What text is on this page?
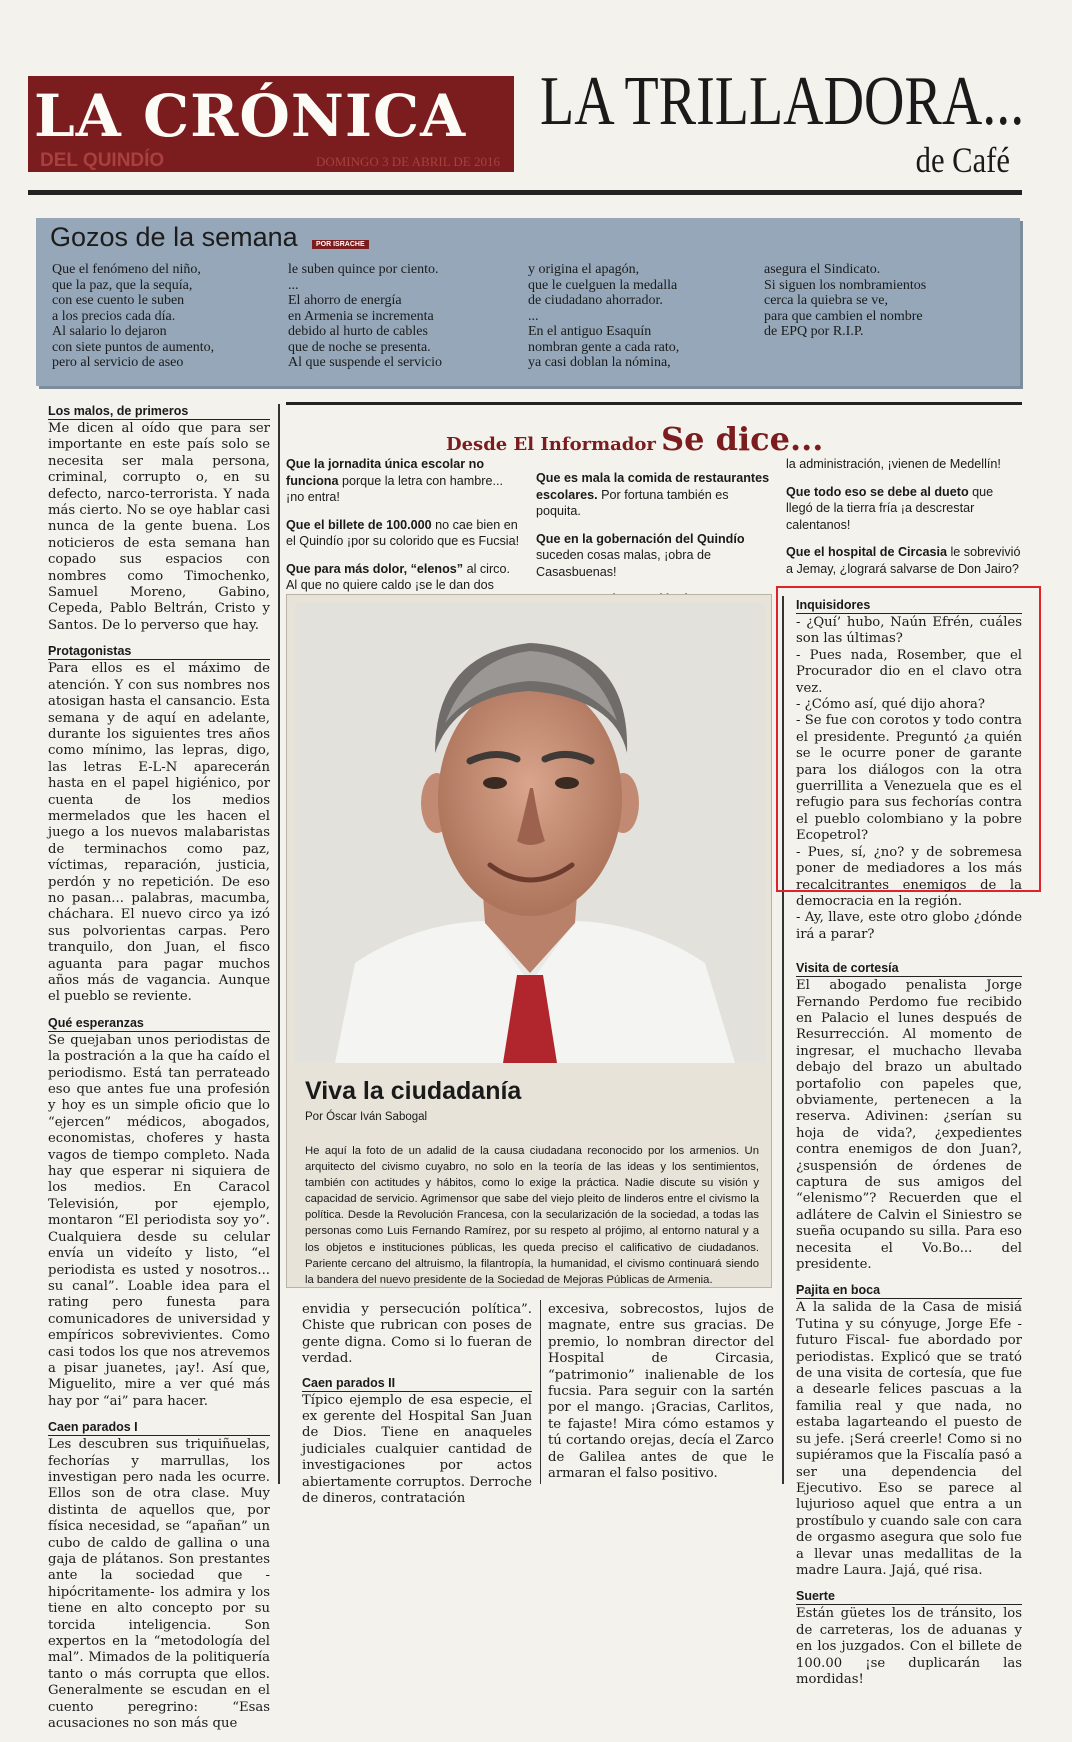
LA CRÓNICA
DEL QUINDÍO	DOMINGO 3 DE ABRIL DE 2016
LA TRILLADORA...
de Café
Gozos de la semana	POR ISRACHE
Que el fenómeno del niño,
que la paz, que la sequía,
con ese cuento le suben
a los precios cada día.
Al salario lo dejaron
con siete puntos de aumento,
pero al servicio de aseo
le suben quince por ciento.
...
El ahorro de energía
en Armenia se incrementa
debido al hurto de cables
que de noche se presenta.
Al que suspende el servicio
y origina el apagón,
que le cuelguen la medalla
de ciudadano ahorrador.
...
En el antiguo Esaquín
nombran gente a cada rato,
ya casi doblan la nómina,
asegura el Sindicato.
Si siguen los nombramientos
cerca la quiebra se ve,
para que cambien el nombre
de EPQ por R.I.P.
Los malos, de primeros
Me dicen al oído que para ser importante en este país solo se necesita ser mala persona, criminal, corrupto o, en su defecto, narco-terrorista. Y nada más cierto. No se oye hablar casi nunca de la gente buena. Los noticieros de esta semana han copado sus espacios con nombres como Timochenko, Samuel Moreno, Gabino, Cepeda, Pablo Beltrán, Cristo y Santos. De lo perverso que hay.
Protagonistas
Para ellos es el máximo de atención. Y con sus nombres nos atosigan hasta el cansancio. Esta semana y de aquí en adelante, durante los siguientes tres años como mínimo, las lepras, digo, las letras E-L-N aparecerán hasta en el papel higiénico, por cuenta de los medios mermelados que les hacen el juego a los nuevos malabaristas de terminachos como paz, víctimas, reparación, justicia, perdón y no repetición. De eso no pasan... palabras, macumba, cháchara. El nuevo circo ya izó sus polvorientas carpas. Pero tranquilo, don Juan, el fisco aguanta para pagar muchos años más de vagancia. Aunque el pueblo se reviente.
Qué esperanzas
Se quejaban unos periodistas de la postración a la que ha caído el periodismo. Está tan perrateado eso que antes fue una profesión y hoy es un simple oficio que lo “ejercen” médicos, abogados, economistas, choferes y hasta vagos de tiempo completo. Nada hay que esperar ni siquiera de los medios. En Caracol Televisión, por ejemplo, montaron “El periodista soy yo”. Cualquiera desde su celular envía un videíto y listo, “el periodista es usted y nosotros... su canal”. Loable idea para el rating pero funesta para comunicadores de universidad y empíricos sobrevivientes. Como casi todos los que nos atrevemos a pisar juanetes, ¡ay!. Así que, Miguelito, mire a ver qué más hay por “ai” para hacer.
Caen parados I
Les descubren sus triquiñuelas, fechorías y marrullas, los investigan pero nada les ocurre. Ellos son de otra clase. Muy distinta de aquellos que, por física necesidad, se “apañan” un cubo de caldo de gallina o una gaja de plátanos. Son prestantes ante la sociedad que -hipócritamente- los admira y los tiene en alto concepto por su torcida inteligencia. Son expertos en la “metodología del mal”. Mimados de la politiquería tanto o más corrupta que ellos. Generalmente se escudan en el cuento peregrino: “Esas acusaciones no son más que
Desde El Informador Se dice...

Que la jornadita única escolar no funciona porque la letra con hambre... ¡no entra!

Que el billete de 100.000 no cae bien en el Quindío ¡por su colorido que es Fucsia!

Que para más dolor, “elenos” al circo. Al que no quiere caldo ¡se le dan dos

Que es mala la comida de restaurantes escolares. Por fortuna también es poquita.

Que en la gobernación del Quindío suceden cosas malas, ¡obra de Casasbuenas!

la administración, ¡vienen de Medellín!

Que todo eso se debe al dueto que llegó de la tierra fría ¡a descrestar calentanos!

Que el hospital de Circasia le sobrevivió a Jemay, ¿logrará salvarse de Don Jairo?

Viva la ciudadanía
Por Óscar Iván Sabogal
He aquí la foto de un adalid de la causa ciudadana reconocido por los armenios. Un arquitecto del civismo cuyabro, no solo en la teoría de las ideas y los sentimientos, también con actitudes y hábitos, como lo exige la práctica. Nadie discute su visión y capacidad de servicio. Agrimensor que sabe del viejo pleito de linderos entre el civismo la política. Desde la Revolución Francesa, con la secularización de la sociedad, a todas las personas como Luis Fernando Ramírez, por su respeto al prójimo, al entorno natural y a los objetos e instituciones públicas, les queda preciso el calificativo de ciudadanos. Pariente cercano del altruismo, la filantropía, la humanidad, el civismo continuará siendo la bandera del nuevo presidente de la Sociedad de Mejoras Públicas de Armenia.
envidia y persecución política”. Chiste que rubrican con poses de gente digna. Como si lo fueran de verdad.
Caen parados II
Típico ejemplo de esa especie, el ex gerente del Hospital San Juan de Dios. Tiene en anaqueles judiciales cualquier cantidad de investigaciones por actos abiertamente corruptos. Derroche de dineros, contratación
excesiva, sobrecostos, lujos de magnate, entre sus gracias. De premio, lo nombran director del Hospital de Circasia, “patrimonio” inalienable de los fucsia. Para seguir con la sartén por el mango. ¡Gracias, Carlitos, te fajaste! Mira cómo estamos y tú cortando orejas, decía el Zarco de Galilea antes de que le armaran el falso positivo.
Inquisidores

- ¿Quí’ hubo, Naún Efrén, cuáles son las últimas?

- Pues nada, Rosember, que el Procurador dio en el clavo otra vez.

- ¿Cómo así, qué dijo ahora?

- Se fue con corotos y todo contra el presidente. Preguntó ¿a quién se le ocurre poner de garante para los diálogos con la otra guerrillita a Venezuela que es el refugio para sus fechorías contra el pueblo colombiano y la pobre Ecopetrol?

- Pues, sí, ¿no? y de sobremesa poner de mediadores a los más recalcitrantes enemigos de la democracia en la región.

- Ay, llave, este otro globo ¿dónde irá a parar?

Visita de cortesía
El abogado penalista Jorge Fernando Perdomo fue recibido en Palacio el lunes después de Resurrección. Al momento de ingresar, el muchacho llevaba debajo del brazo un abultado portafolio con papeles que, obviamente, pertenecen a la reserva. Adivinen: ¿serían su hoja de vida?, ¿expedientes contra enemigos de don Juan?, ¿suspensión de órdenes de captura de sus amigos del “elenismo”? Recuerden que el adlátere de Calvin el Siniestro se sueña ocupando su silla. Para eso necesita el Vo.Bo... del presidente.
Pajita en boca
A la salida de la Casa de misiá Tutina y su cónyuge, Jorge Efe -futuro Fiscal- fue abordado por periodistas. Explicó que se trató de una visita de cortesía, que fue a desearle felices pascuas a la familia real y que nada, no estaba lagarteando el puesto de su jefe. ¡Será creerle! Como si no supiéramos que la Fiscalía pasó a ser una dependencia del Ejecutivo. Eso se parece al lujurioso aquel que entra a un prostíbulo y cuando sale con cara de orgasmo asegura que solo fue a llevar unas medallitas de la madre Laura. Jajá, qué risa.
Suerte
Están güetes los de tránsito, los de carreteras, los de aduanas y en los juzgados. Con el billete de 100.00 ¡se duplicarán las mordidas!
